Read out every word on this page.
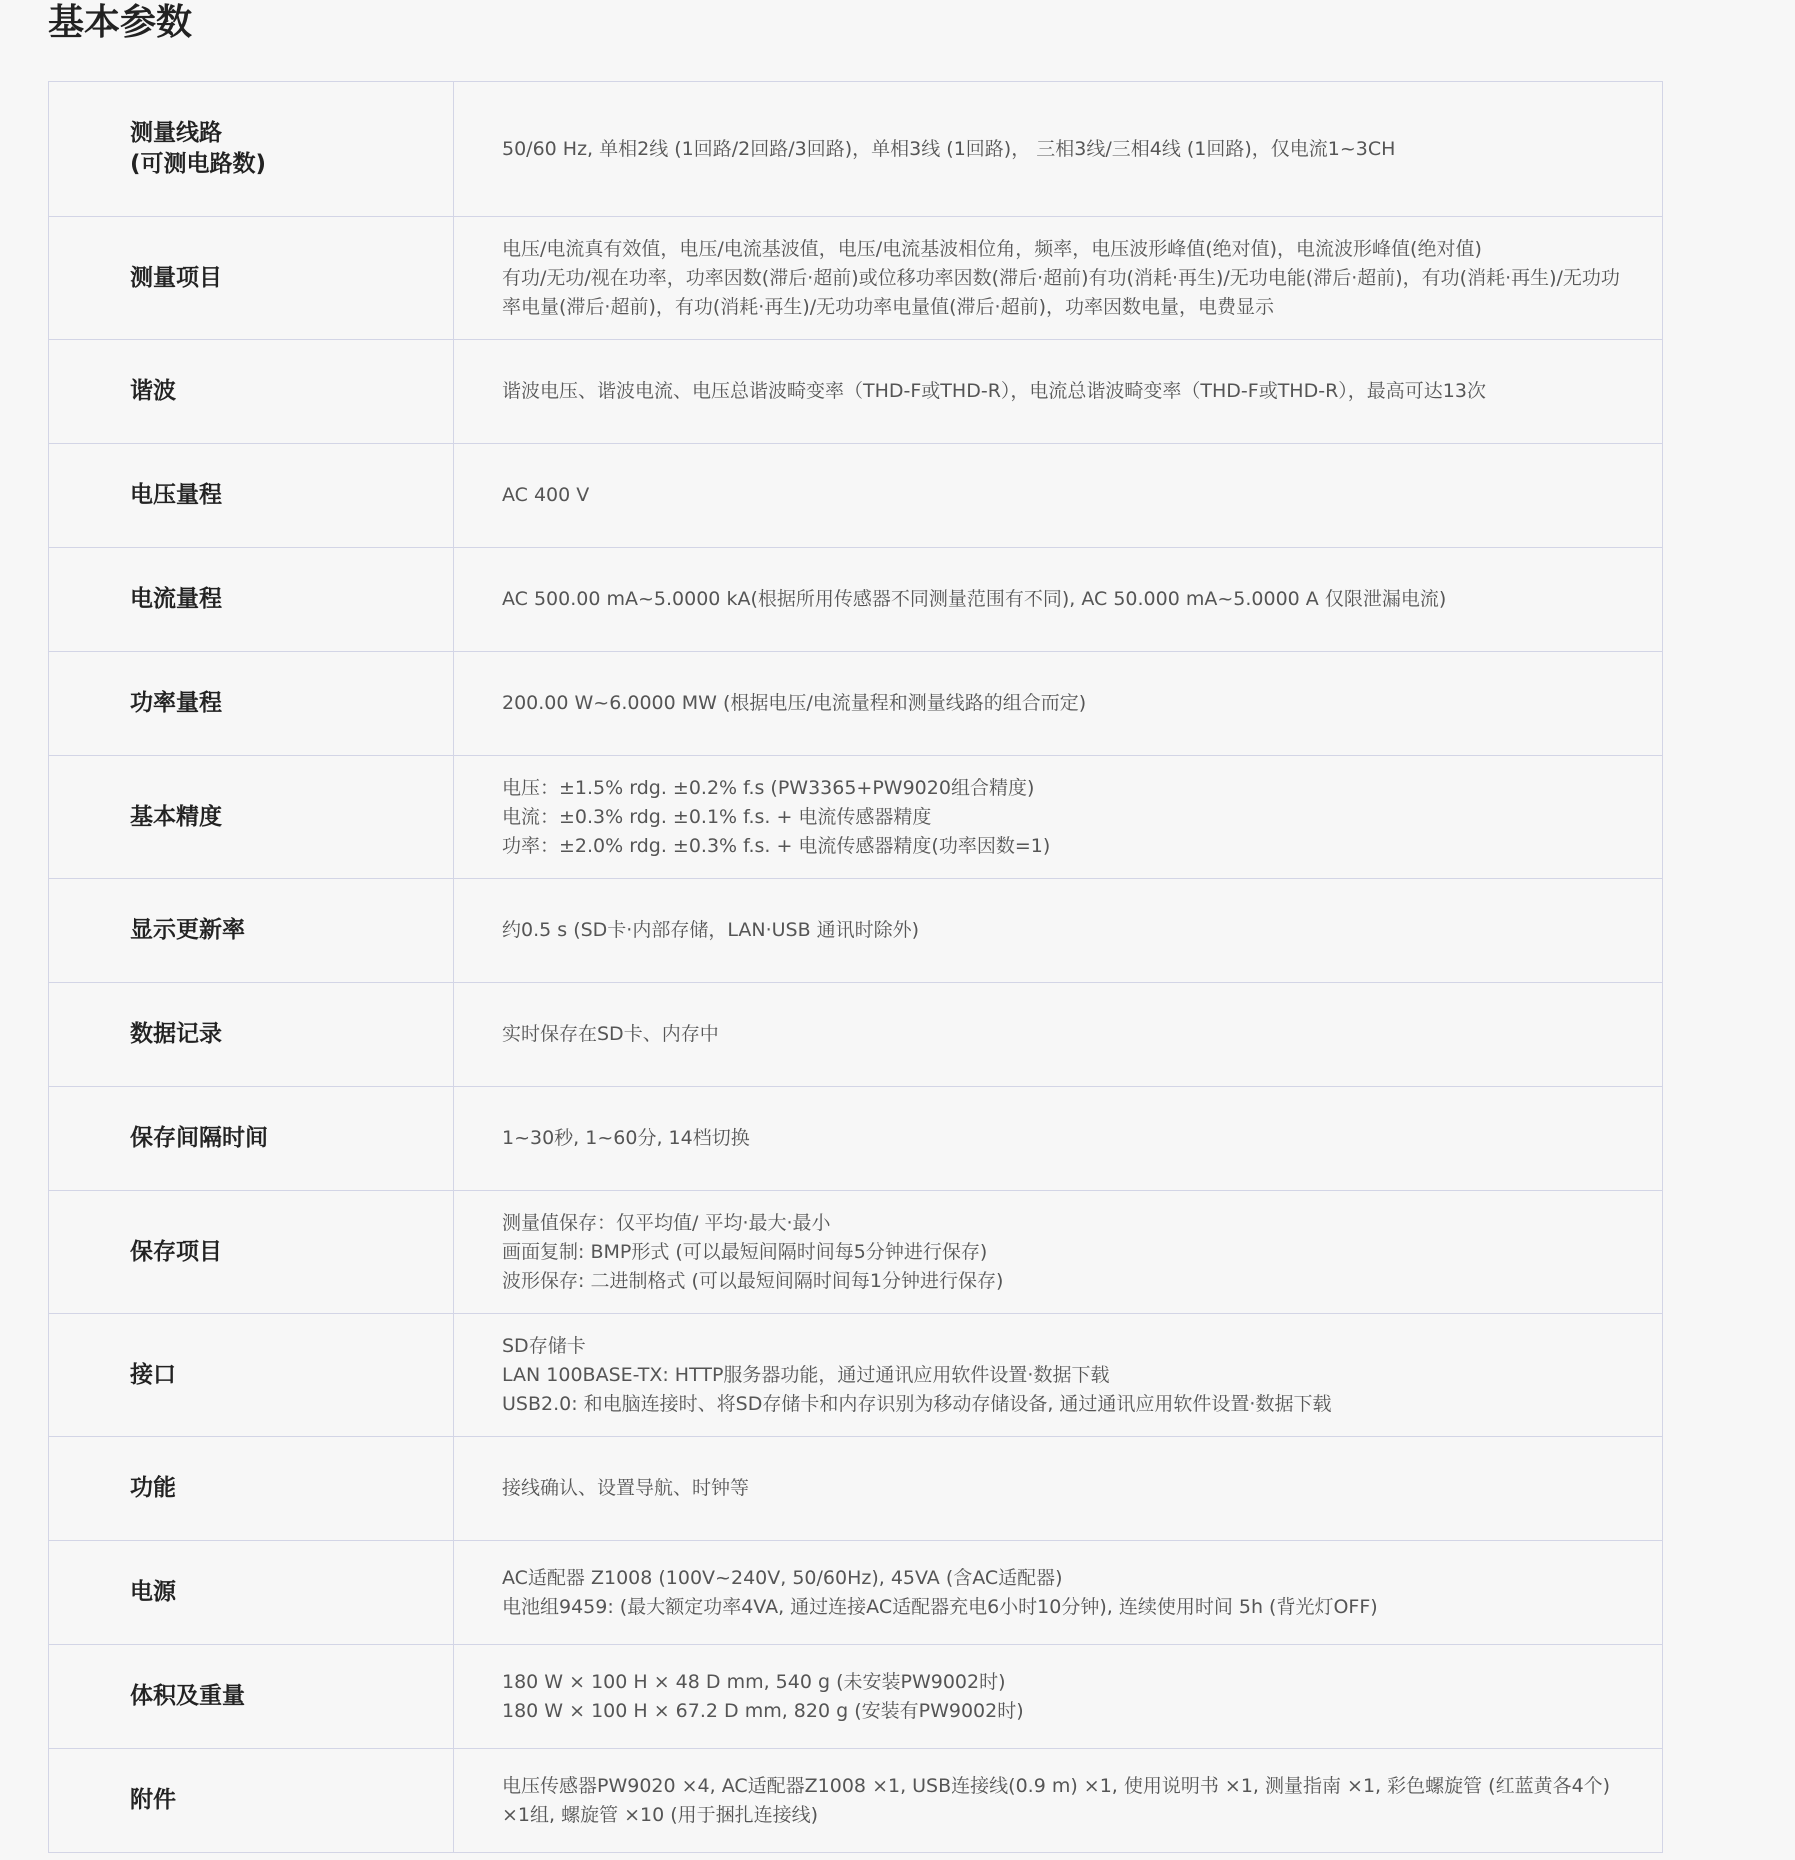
基本参数
测量线路
(可测电路数)	50/60 Hz, 单相2线 (1回路/2回路/3回路)，单相3线 (1回路)， 三相3线/三相4线 (1回路)，仅电流1~3CH

测量项目	电压/电流真有效值，电压/电流基波值，电压/电流基波相位角，频率，电压波形峰值(绝对值)，电流波形峰值(绝对值)
有功/无功/视在功率，功率因数(滞后·超前)或位移功率因数(滞后·超前)有功(消耗·再生)/无功电能(滞后·超前)，有功(消耗·再生)/无功功率电量(滞后·超前)，有功(消耗·再生)/无功功率电量值(滞后·超前)，功率因数电量，电费显示

谐波	谐波电压、谐波电流、电压总谐波畸变率（THD-F或THD-R），电流总谐波畸变率（THD-F或THD-R），最高可达13次

电压量程	AC 400 V

电流量程	AC 500.00 mA~5.0000 kA(根据所用传感器不同测量范围有不同), AC 50.000 mA~5.0000 A 仅限泄漏电流)

功率量程	200.00 W~6.0000 MW (根据电压/电流量程和测量线路的组合而定)

基本精度	电压：±1.5% rdg. ±0.2% f.s (PW3365+PW9020组合精度)
电流：±0.3% rdg. ±0.1% f.s. + 电流传感器精度
功率：±2.0% rdg. ±0.3% f.s. + 电流传感器精度(功率因数=1)

显示更新率	约0.5 s (SD卡·内部存储，LAN·USB 通讯时除外)

数据记录	实时保存在SD卡、内存中

保存间隔时间	1~30秒, 1~60分, 14档切换

保存项目	测量值保存：仅平均值/ 平均·最大·最小
画面复制: BMP形式 (可以最短间隔时间每5分钟进行保存)
波形保存: 二进制格式 (可以最短间隔时间每1分钟进行保存)

接口	SD存储卡
LAN 100BASE-TX: HTTP服务器功能，通过通讯应用软件设置·数据下载
USB2.0: 和电脑连接时、将SD存储卡和内存识别为移动存储设备, 通过通讯应用软件设置·数据下载

功能	接线确认、设置导航、时钟等

电源	AC适配器 Z1008 (100V~240V, 50/60Hz), 45VA (含AC适配器)
电池组9459: (最大额定功率4VA, 通过连接AC适配器充电6小时10分钟), 连续使用时间 5h (背光灯OFF)

体积及重量	180 W × 100 H × 48 D mm, 540 g (未安装PW9002时)
180 W × 100 H × 67.2 D mm, 820 g (安装有PW9002时)

附件	电压传感器PW9020 ×4, AC适配器Z1008 ×1, USB连接线(0.9 m) ×1, 使用说明书 ×1, 测量指南 ×1, 彩色螺旋管 (红蓝黄各4个) ×1组, 螺旋管 ×10 (用于捆扎连接线)
